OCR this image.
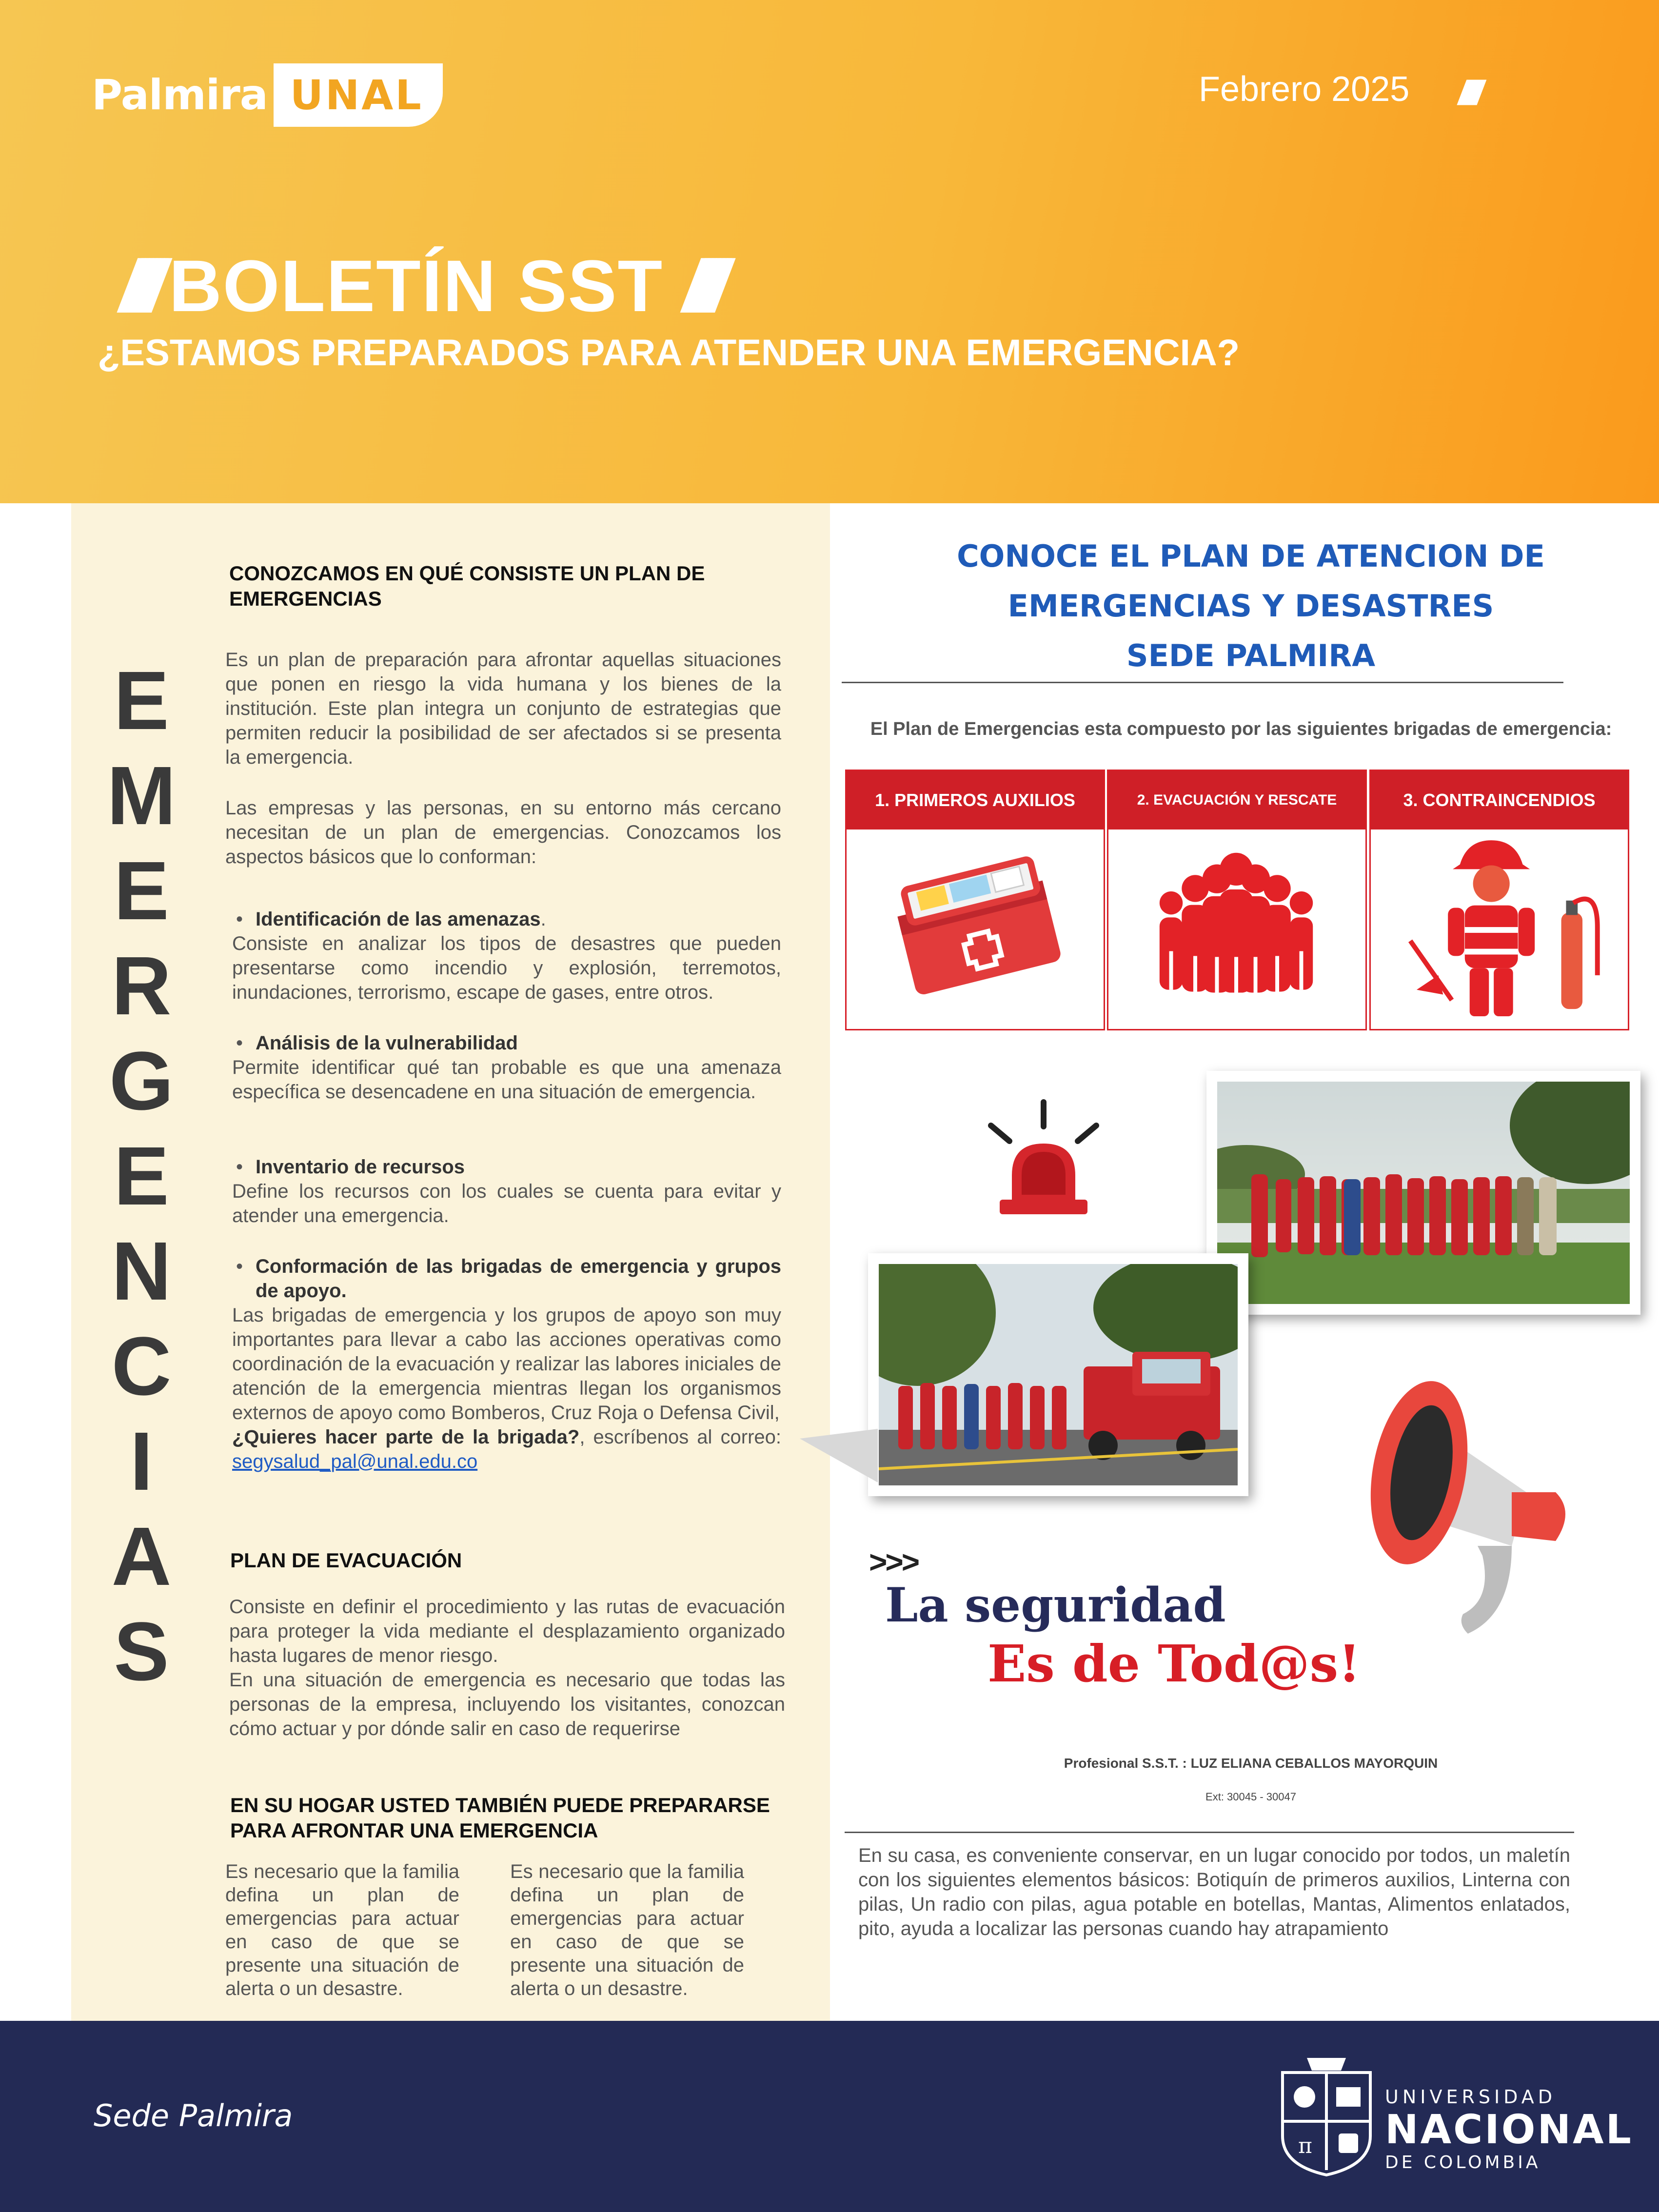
Palmira UNAL	Febrero 2025 ///////
//////// BOLETÍN SST ////////
¿ESTAMOS PREPARADOS PARA ATENDER UNA EMERGENCIA?
E
M
E
R
G
E
N
C
I
A
S
CONOZCAMOS EN QUÉ CONSISTE UN PLAN DE EMERGENCIAS
Es un plan de preparación para afrontar aquellas situaciones que ponen en riesgo la vida humana y los bienes de la institución. Este plan integra un conjunto de estrategias que permiten reducir la posibilidad de ser afectados si se presenta la emergencia.
Las empresas y las personas, en su entorno más cercano necesitan de un plan de emergencias. Conozcamos los aspectos básicos que lo conforman:
• Identificación de las amenazas.
Consiste en analizar los tipos de desastres que pueden presentarse como incendio y explosión, terremotos, inundaciones, terrorismo, escape de gases, entre otros.
• Análisis de la vulnerabilidad
Permite identificar qué tan probable es que una amenaza específica se desencadene en una situación de emergencia.
• Inventario de recursos
Define los recursos con los cuales se cuenta para evitar y atender una emergencia.
• Conformación de las brigadas de emergencia y grupos de apoyo.
Las brigadas de emergencia y los grupos de apoyo son muy importantes para llevar a cabo las acciones operativas como coordinación de la evacuación y realizar las labores iniciales de atención de la emergencia mientras llegan los organismos externos de apoyo como Bomberos, Cruz Roja o Defensa Civil,
¿Quieres hacer parte de la brigada?, escríbenos al correo: segysalud_pal@unal.edu.co
PLAN DE EVACUACIÓN
Consiste en definir el procedimiento y las rutas de evacuación para proteger la vida mediante el desplazamiento organizado hasta lugares de menor riesgo.
En una situación de emergencia es necesario que todas las personas de la empresa, incluyendo los visitantes, conozcan cómo actuar y por dónde salir en caso de requerirse
EN SU HOGAR USTED TAMBIÉN PUEDE PREPARARSE PARA AFRONTAR UNA EMERGENCIA
Es necesario que la familia defina un plan de emergencias para actuar en caso de que se presente una situación de alerta o un desastre.
Es necesario que la familia defina un plan de emergencias para actuar en caso de que se presente una situación de alerta o un desastre.
CONOCE EL PLAN DE ATENCION DE
EMERGENCIAS Y DESASTRES
SEDE PALMIRA
El Plan de Emergencias esta compuesto por las siguientes brigadas de emergencia:
1. PRIMEROS AUXILIOS	2. EVACUACIÓN Y RESCATE	3. CONTRAINCENDIOS
>>>
La seguridad
Es de Tod@s!
Profesional S.S.T. : LUZ ELIANA CEBALLOS MAYORQUIN
Ext: 30045 - 30047
En su casa, es conveniente conservar, en un lugar conocido por todos, un maletín con los siguientes elementos básicos: Botiquín de primeros auxilios, Linterna con pilas, Un radio con pilas, agua potable en botellas, Mantas, Alimentos enlatados, pito, ayuda a localizar las personas cuando hay atrapamiento
Sede Palmira
π
UNIVERSIDAD
NACIONAL
DE COLOMBIA
